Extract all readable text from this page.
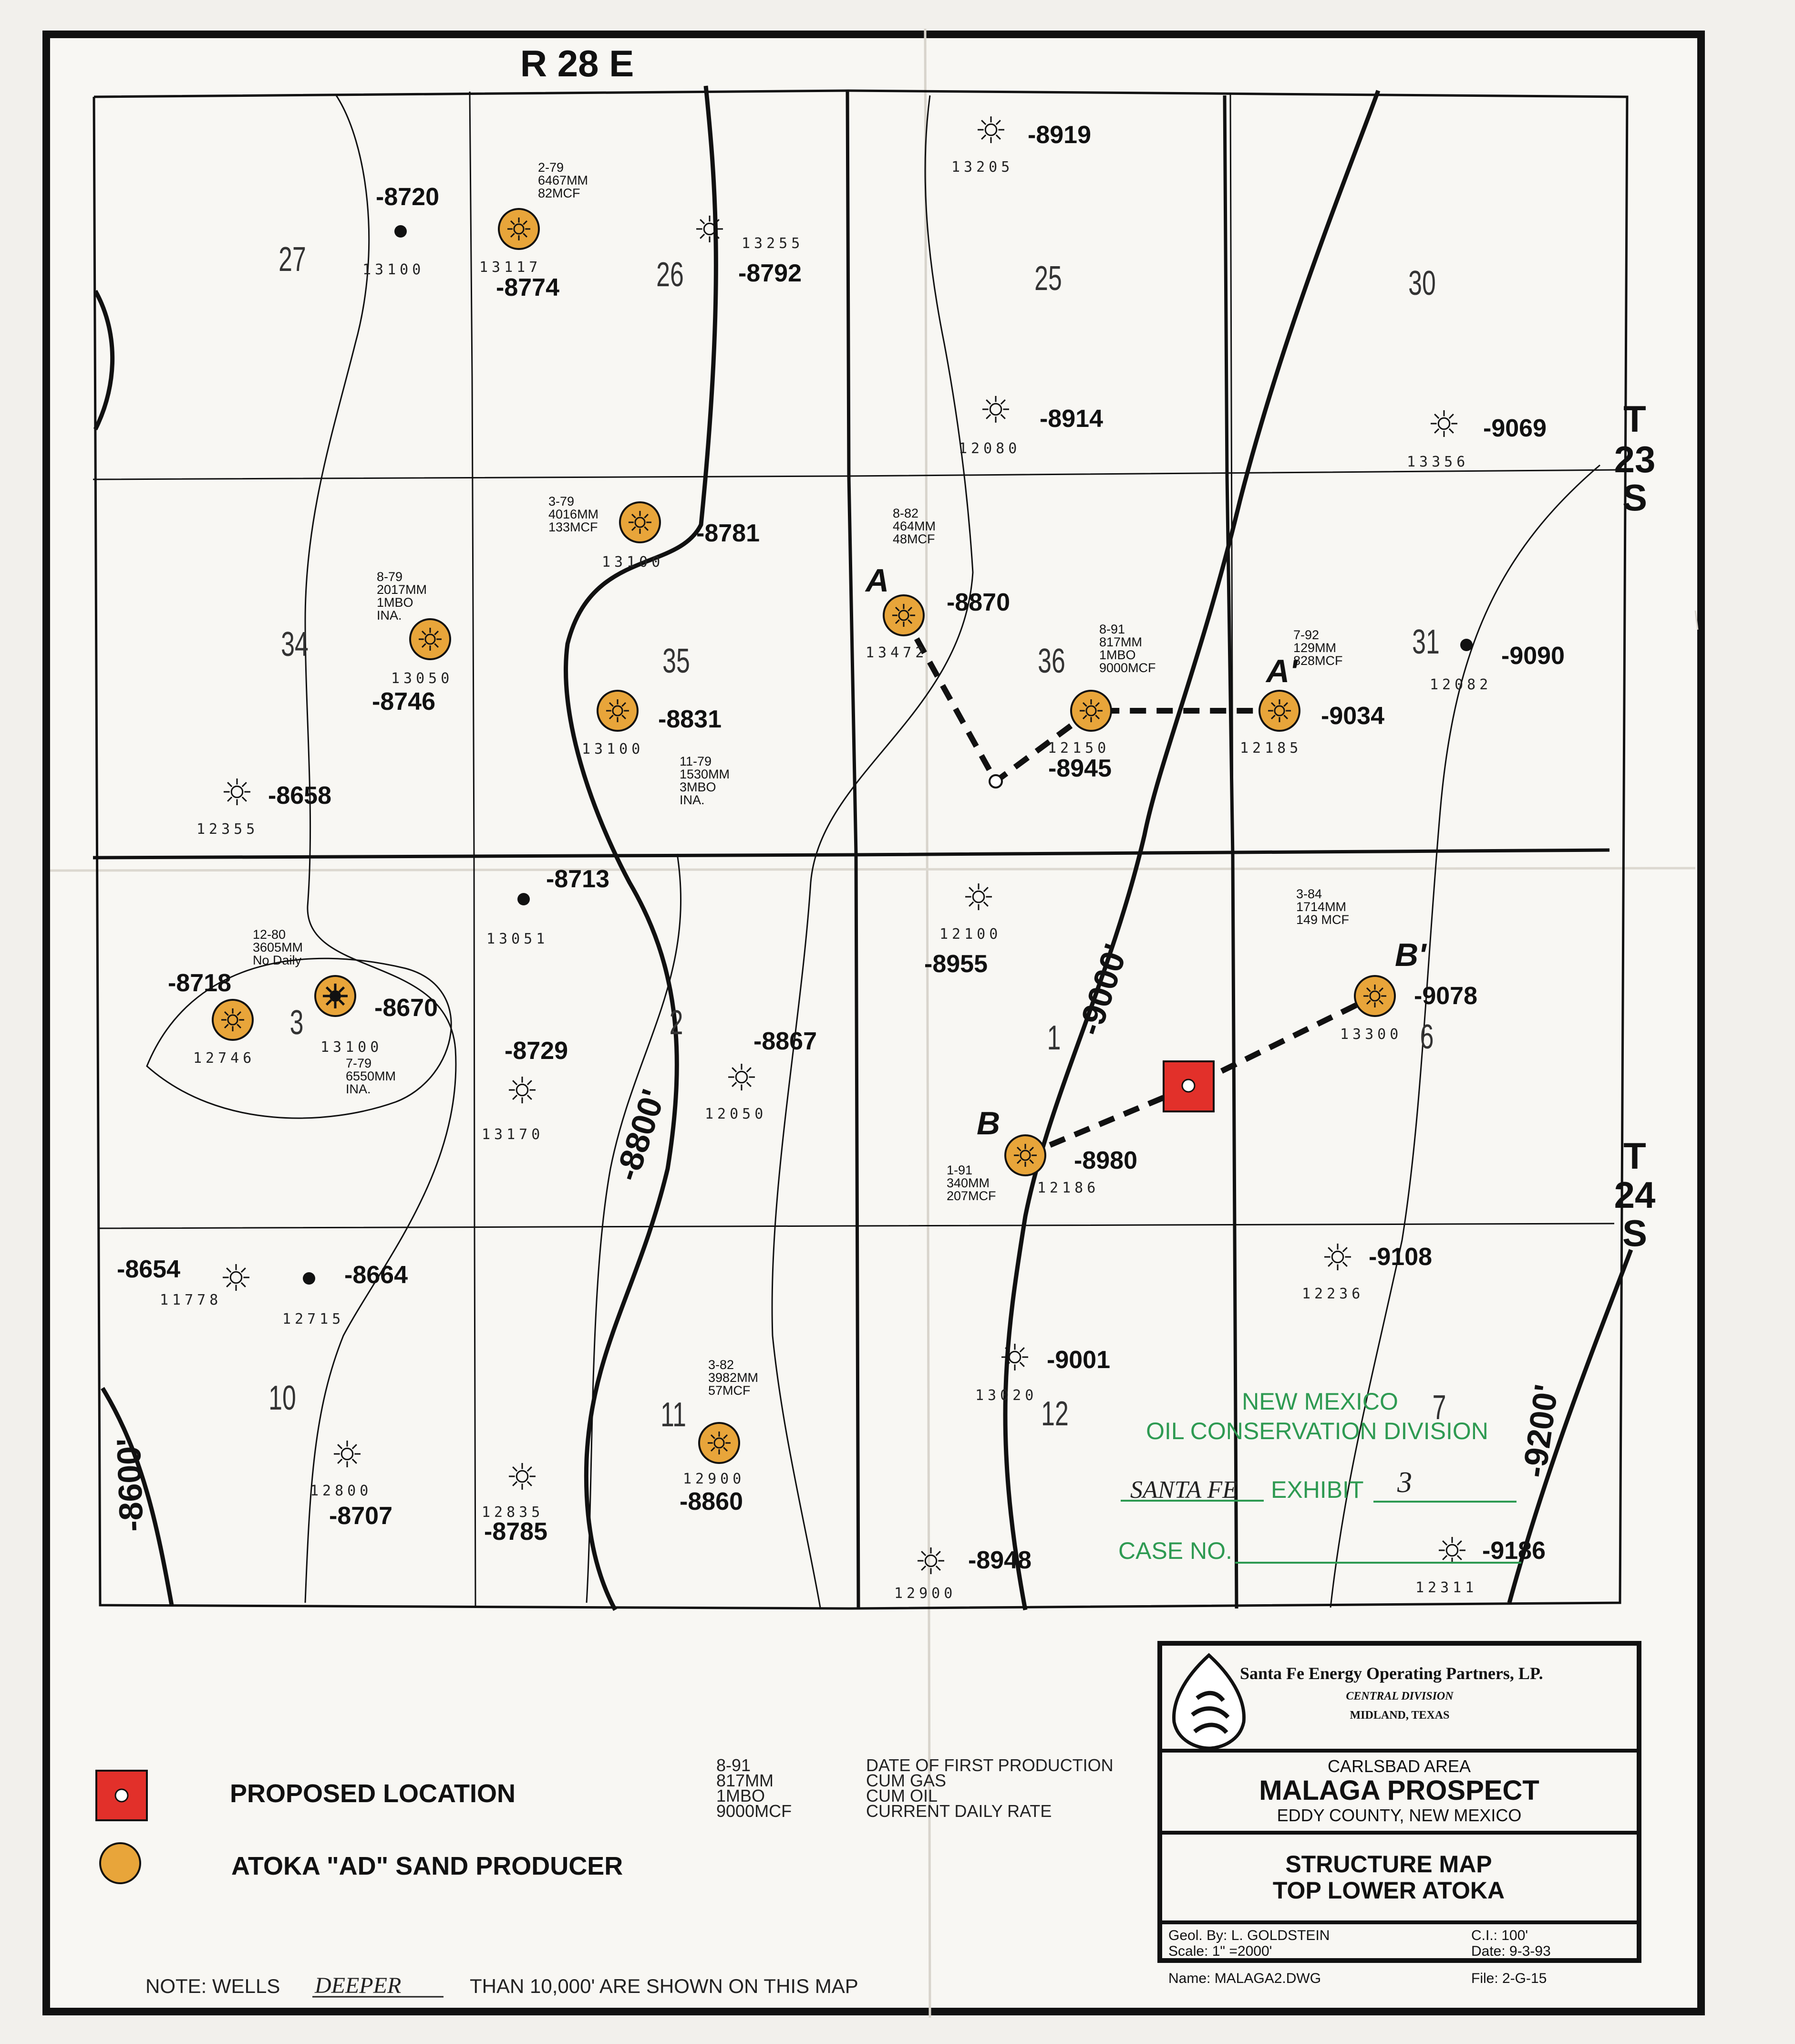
27	26	25	30
34	35	36	31
3	2	1	6
10	11	12	7
-9000'
-8800'
-8600'
-9200'
R 28 E
T
23
S
T
24
S
A
A'
B
B'
-8720
13100
-8774
13117
2-79
6467MM
82MCF
-8792
13255
-8919
13205
-8914
12080
-9069
13356
-8781
13100
3-79
4016MM
133MCF
-8746
13050
8-79
2017MM
1MBO
INA.
-8831
13100
11-79
1530MM
3MBO
INA.
-8870
13472
8-82
464MM
48MCF
-8945
12150
8-91
817MM
1MBO
9000MCF
-9034
12185
7-92
129MM
828MCF	-9090
12082
-8658
12355
-8713
13051
-8718
12746
12-80
3605MM
No Daily
-8670
13100
7-79
6550MM
INA.
-8729
13170
-8867
12050
-8955
12100
-9078
13300
3-84
1714MM
149 MCF
-8980
12186
1-91
340MM
207MCF
-8654
11778
-8664
12715
-9108
12236
-8707
12800
-8785
12835	-8860
12900
3-82
3982MM
57MCF
-9001
13020
-8948
12900
-9186
12311
NEW MEXICO
OIL CONSERVATION DIVISION
SANTA FE EXHIBIT 3
CASE NO.
PROPOSED LOCATION
ATOKA "AD" SAND PRODUCER
8-91
817MM
1MBO
9000MCF
DATE OF FIRST PRODUCTION
CUM GAS
CUM OIL
CURRENT DAILY RATE
NOTE: WELLS DEEPER	THAN 10,000' ARE SHOWN ON THIS MAP
Santa Fe Energy Operating Partners, LP.
CENTRAL DIVISION
MIDLAND, TEXAS
CARLSBAD AREA
MALAGA PROSPECT
EDDY COUNTY, NEW MEXICO
STRUCTURE MAP
TOP LOWER ATOKA
Geol. By: L. GOLDSTEIN
Scale: 1" =2000'
C.I.: 100'
Date: 9-3-93
Name: MALAGA2.DWG	File: 2-G-15
